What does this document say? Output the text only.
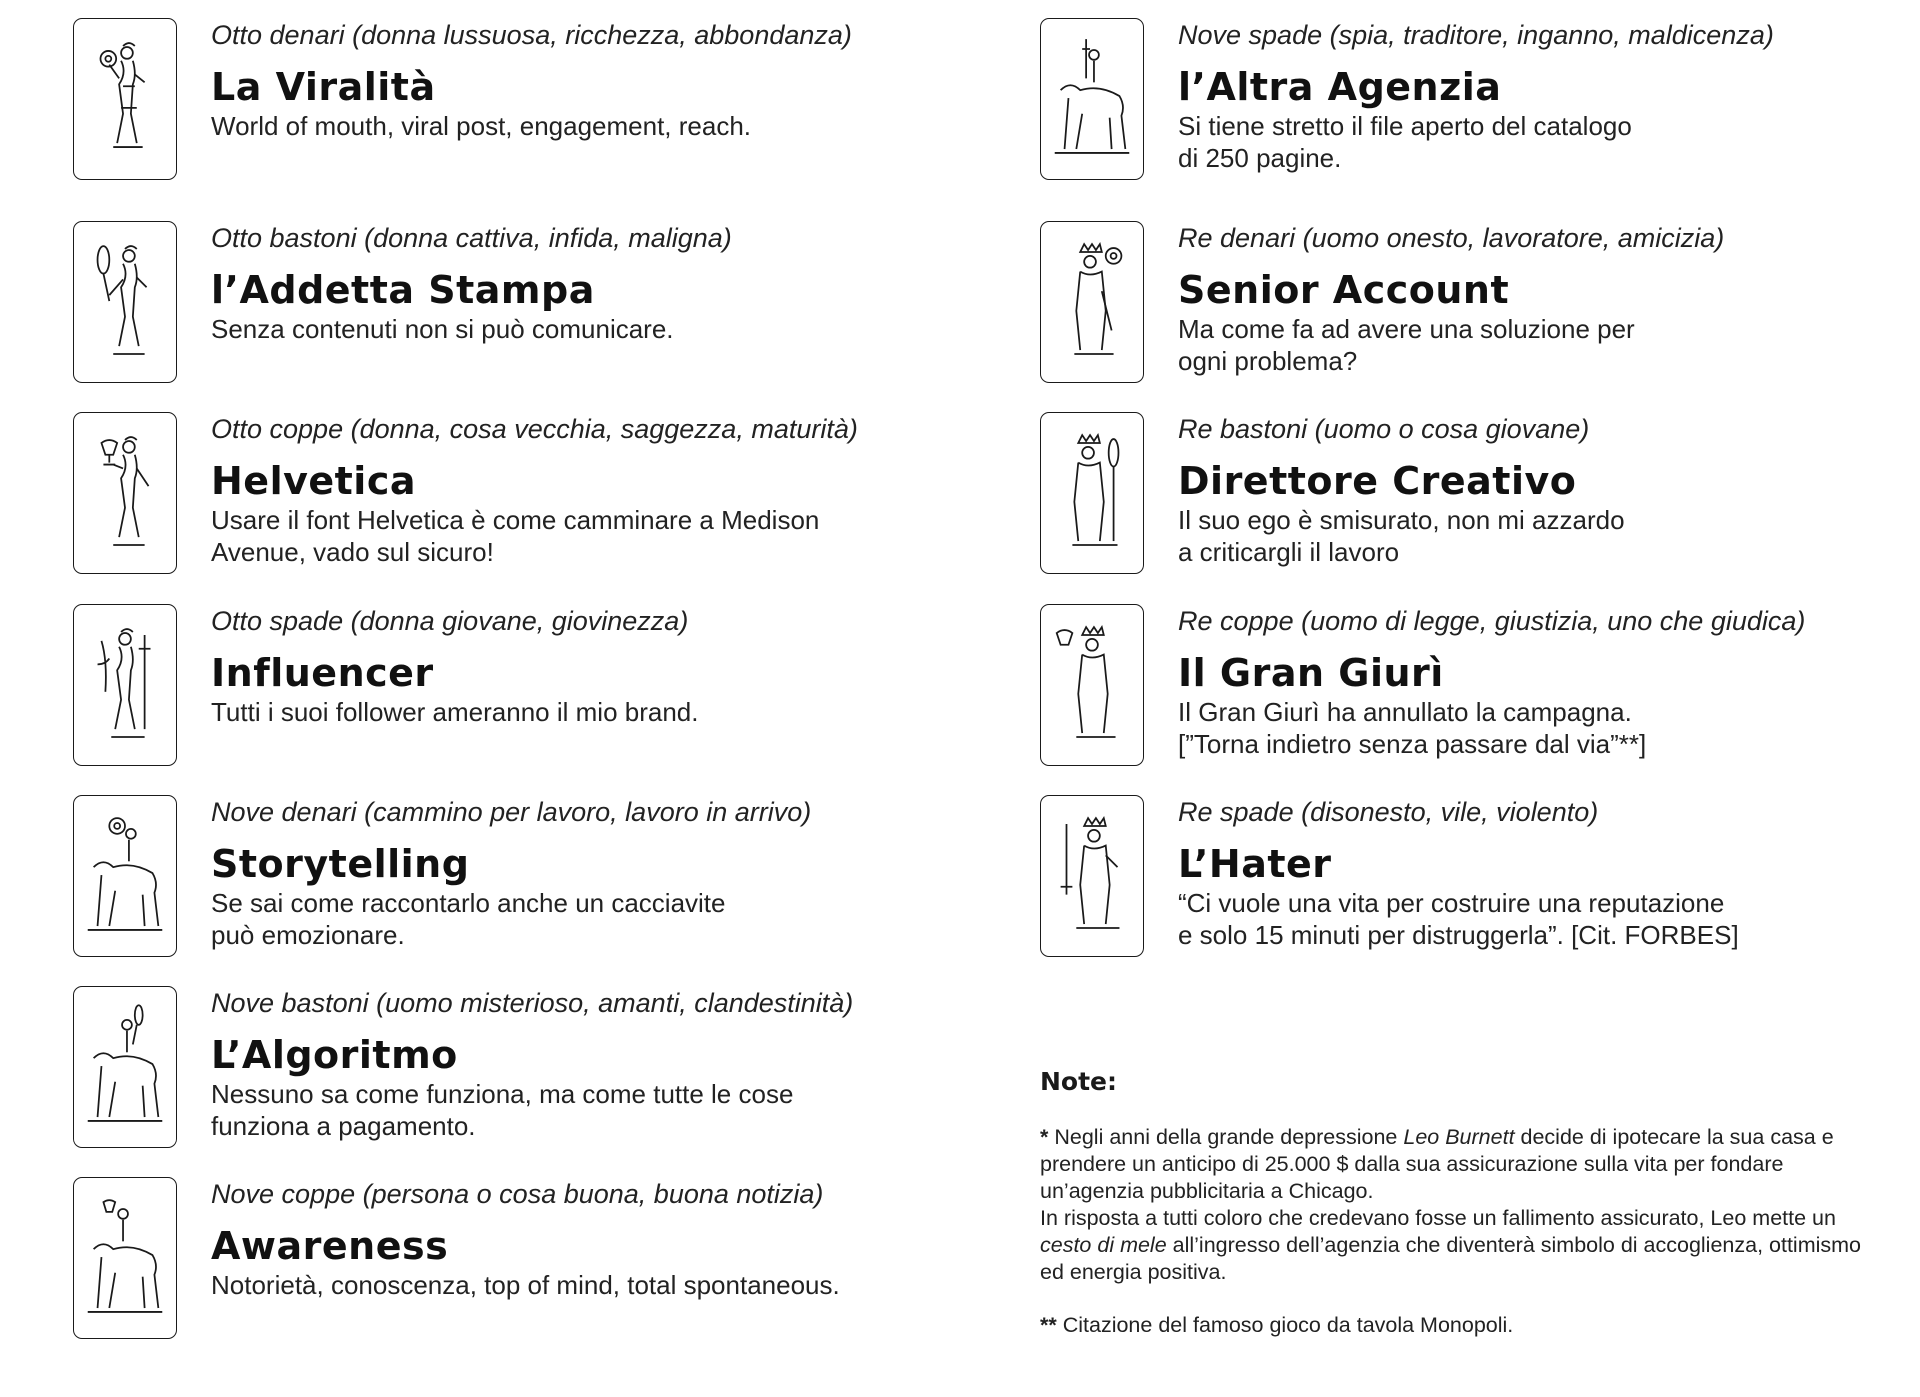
Otto denari (donna lussuosa, ricchezza, abbondanza)
La Viralità
World of mouth, viral post, engagement, reach.
Otto bastoni (donna cattiva, infida, maligna)
l’Addetta Stampa
Senza contenuti non si può comunicare.
Otto coppe (donna, cosa vecchia, saggezza, maturità)
Helvetica
Usare il font Helvetica è come camminare a Medison
Avenue, vado sul sicuro!
Otto spade (donna giovane, giovinezza)
Influencer
Tutti i suoi follower ameranno il mio brand.
Nove denari (cammino per lavoro, lavoro in arrivo)
Storytelling
Se sai come raccontarlo anche un cacciavite
può emozionare.
Nove bastoni (uomo misterioso, amanti, clandestinità)
L’Algoritmo
Nessuno sa come funziona, ma come tutte le cose
funziona a pagamento.
Nove coppe (persona o cosa buona, buona notizia)
Awareness
Notorietà, conoscenza, top of mind, total spontaneous.
Nove spade (spia, traditore, inganno, maldicenza)
l’Altra Agenzia
Si tiene stretto il file aperto del catalogo
di 250 pagine.
Re denari (uomo onesto, lavoratore, amicizia)
Senior Account
Ma come fa ad avere una soluzione per
ogni problema?
Re bastoni (uomo o cosa giovane)
Direttore Creativo
Il suo ego è smisurato, non mi azzardo
a criticargli il lavoro
Re coppe (uomo di legge, giustizia, uno che giudica)
Il Gran Giurì
Il Gran Giurì ha annullato la campagna.
[”Torna indietro senza passare dal via”**]
Re spade (disonesto, vile, violento)
L’Hater
“Ci vuole una vita per costruire una reputazione
e solo 15 minuti per distruggerla”. [Cit. FORBES]
Note:

* Negli anni della grande depressione Leo Burnett decide di ipotecare la sua casa e prendere un anticipo di 25.000 $ dalla sua assicurazione sulla vita per fondare un’agenzia pubblicitaria a Chicago.

In risposta a tutti coloro che credevano fosse un fallimento assicurato, Leo mette un cesto di mele all’ingresso dell’agenzia che diventerà simbolo di accoglienza, ottimismo ed energia positiva.

** Citazione del famoso gioco da tavola Monopoli.
